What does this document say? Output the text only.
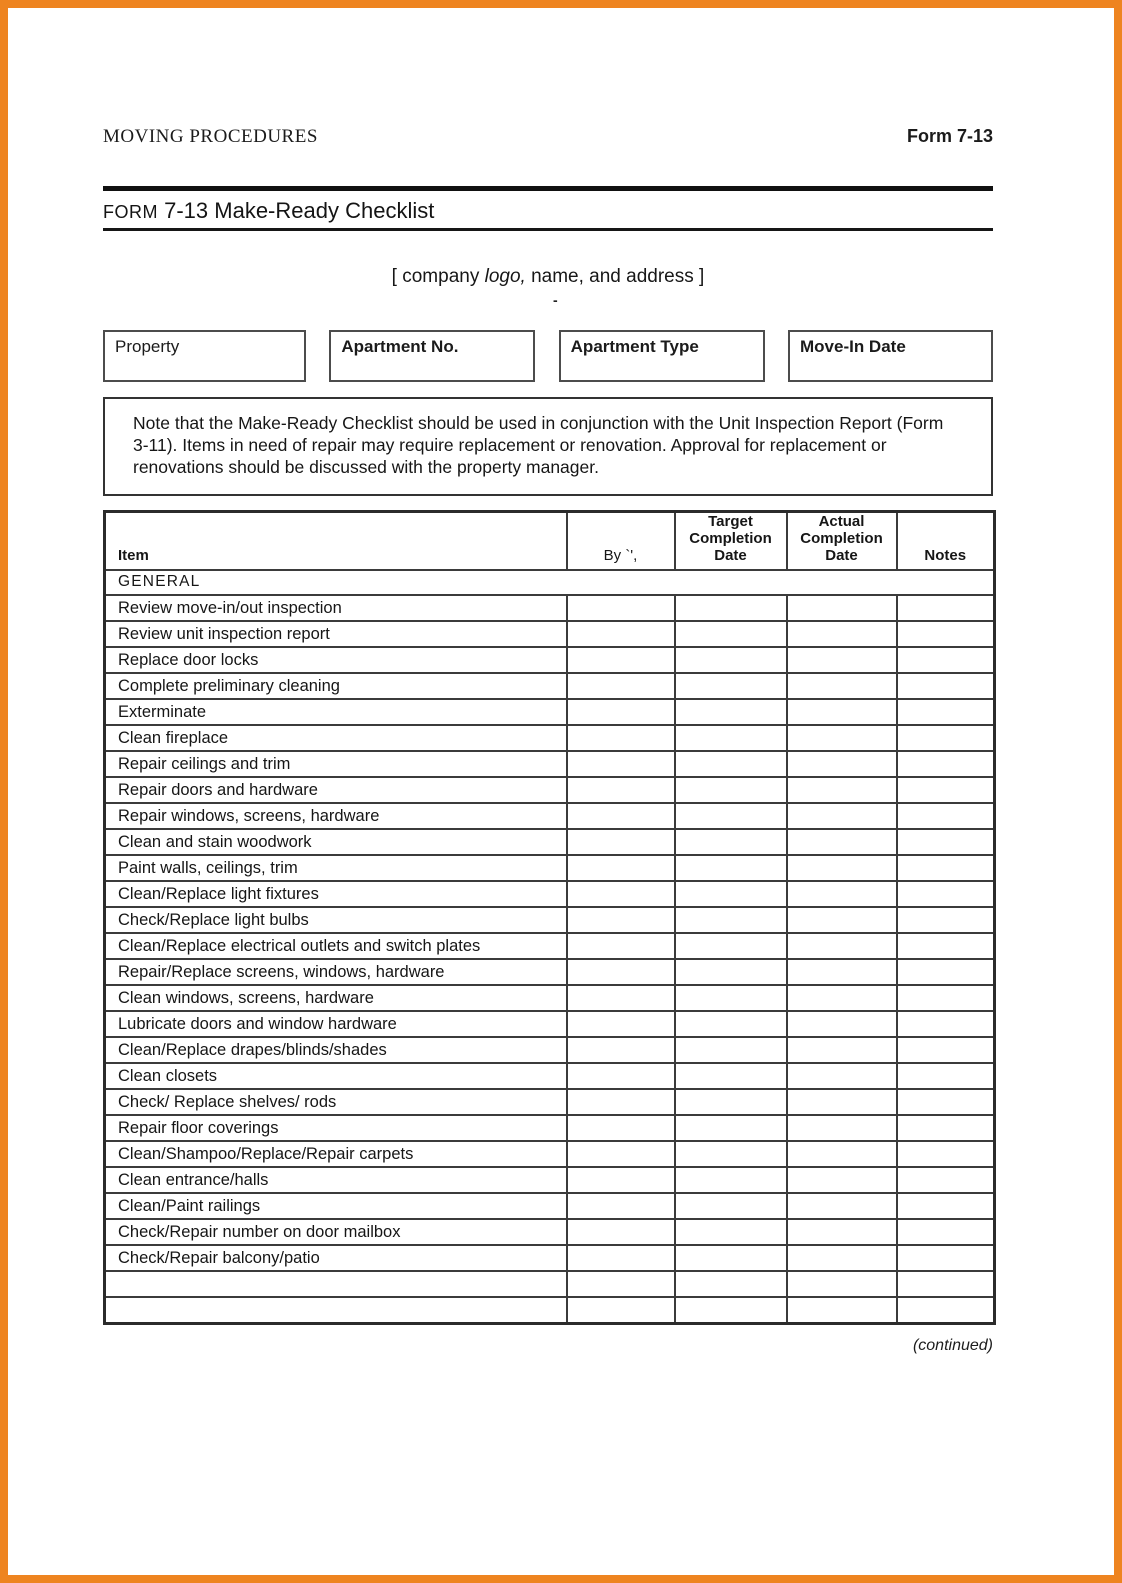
MOVING PROCEDURES	Form 7-13
FORM 7-13 Make-Ready Checklist
[ company logo, name, and address ]
-
Property	Apartment No.	Apartment Type	Move-In Date
Note that the Make-Ready Checklist should be used in conjunction with the Unit Inspection Report (Form 3-11). Items in need of repair may require replacement or renovation. Approval for replacement or renovations should be discussed with the property manager.
Item	By `',	Target Completion Date	Actual Completion Date	Notes
GENERAL				
Review move-in/out inspection				
Review unit inspection report				
Replace door locks				
Complete preliminary cleaning				
Exterminate				
Clean fireplace				
Repair ceilings and trim				
Repair doors and hardware				
Repair windows, screens, hardware				
Clean and stain woodwork				
Paint walls, ceilings, trim				
Clean/Replace light fixtures				
Check/Replace light bulbs				
Clean/Replace electrical outlets and switch plates				
Repair/Replace screens, windows, hardware				
Clean windows, screens, hardware				
Lubricate doors and window hardware				
Clean/Replace drapes/blinds/shades				
Clean closets				
Check/ Replace shelves/ rods				
Repair floor coverings				
Clean/Shampoo/Replace/Repair carpets				
Clean entrance/halls				
Clean/Paint railings				
Check/Repair number on door mailbox				
Check/Repair balcony/patio				

(continued)
